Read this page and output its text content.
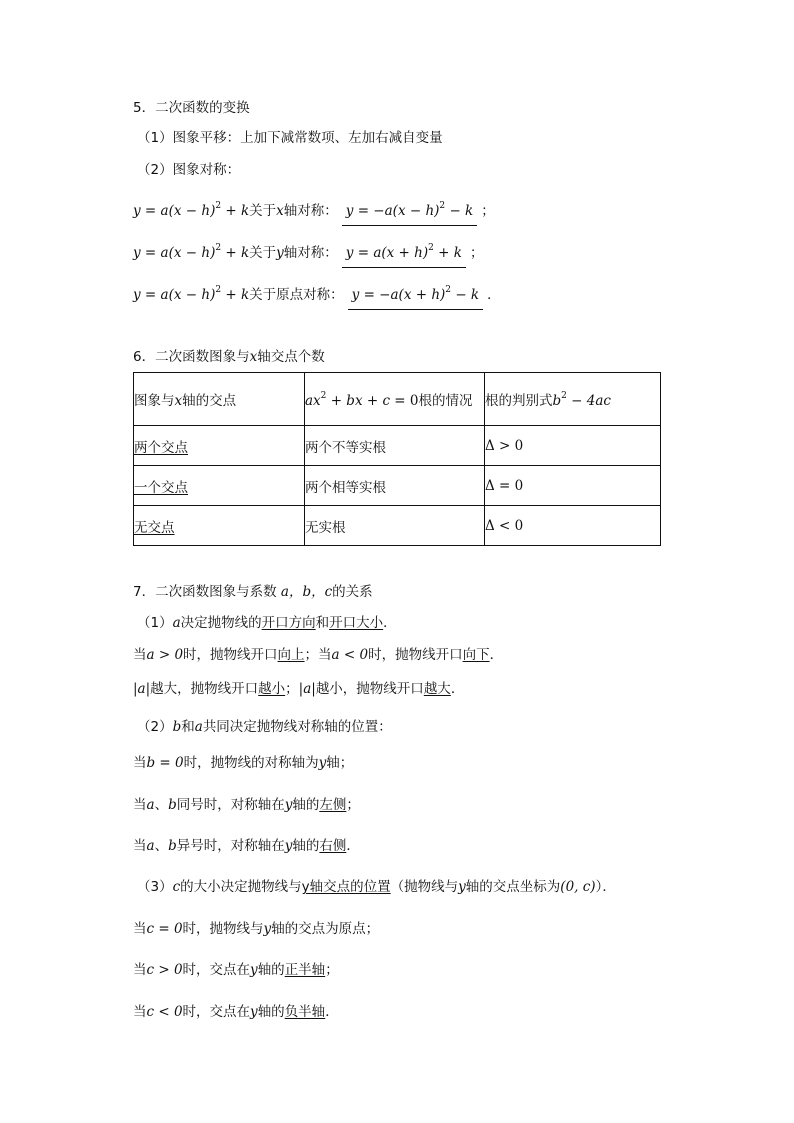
5．二次函数的变换
（1）图象平移：上加下减常数项、左加右减自变量
（2）图象对称：
$y = a(x - h)^2 + k$关于x轴对称： $y = -a(x - h)^2 - k$ ；
$y = a(x - h)^2 + k$关于y轴对称： $y = a(x + h)^2 + k$ ；
$y = a(x - h)^2 + k$关于原点对称： $y = -a(x + h)^2 - k$ ．
6．二次函数图象与x轴交点个数
图象与x轴的交点	$ax^2$ + bx + c = 0根的情况	根的判别式$b^2 - 4ac$
两个交点	两个不等实根	Δ > 0
一个交点	两个相等实根	Δ = 0
无交点	无实根	Δ < 0
7．二次函数图象与系数 a，b，c的关系
（1）a决定抛物线的开口方向和开口大小．
当a > 0时，抛物线开口向上；当a < 0时，抛物线开口向下．
|a|越大，抛物线开口越小；|a|越小，抛物线开口越大．
（2）b和a共同决定抛物线对称轴的位置：
当b = 0时，抛物线的对称轴为y轴；
当a、b同号时，对称轴在y轴的左侧；
当a、b异号时，对称轴在y轴的右侧．
（3）c的大小决定抛物线与y轴交点的位置（抛物线与y轴的交点坐标为(0, c)）．
当c = 0时，抛物线与y轴的交点为原点；
当c > 0时，交点在y轴的正半轴；
当c < 0时，交点在y轴的负半轴．
